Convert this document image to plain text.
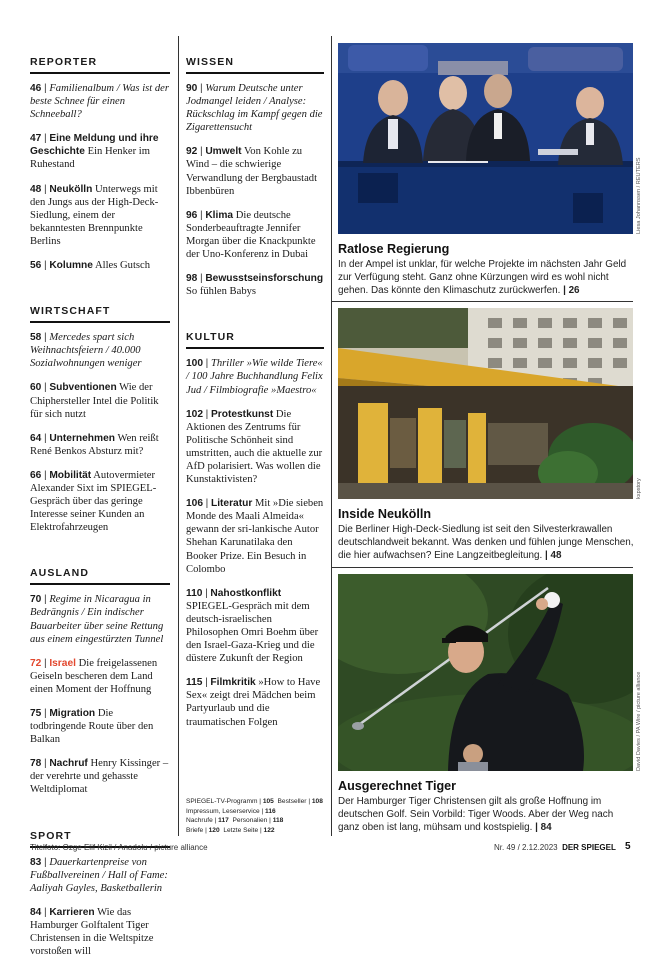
REPORTER
46 | Familienalbum / Was ist der beste Schnee für einen Schneeball?
47 | Eine Meldung und ihre Geschichte Ein Henker im Ruhestand
48 | Neukölln Unterwegs mit den Jungs aus der High-Deck-Siedlung, einem der bekanntesten Brennpunkte Berlins
56 | Kolumne Alles Gutsch
WIRTSCHAFT
58 | Mercedes spart sich Weihnachtsfeiern / 40.000 Sozialwohnungen weniger
60 | Subventionen Wie der Chiphersteller Intel die Politik für sich nutzt
64 | Unternehmen Wen reißt René Benkos Absturz mit?
66 | Mobilität Autovermieter Alexander Sixt im SPIEGEL-Gespräch über das geringe Interesse seiner Kunden an Elektrofahrzeugen
AUSLAND
70 | Regime in Nicaragua in Bedrängnis / Ein indischer Bauarbeiter über seine Rettung aus einem eingestürzten Tunnel
72 | Israel Die freigelassenen Geiseln bescheren dem Land einen Moment der Hoffnung
75 | Migration Die todbringende Route über den Balkan
78 | Nachruf Henry Kissinger – der verehrte und gehasste Weltdiplomat
SPORT
83 | Dauerkartenpreise von Fußballvereinen / Hall of Fame: Aaliyah Gayles, Basketballerin
84 | Karrieren Wie das Hamburger Golftalent Tiger Christensen in die Weltspitze vorstoßen will
WISSEN
90 | Warum Deutsche unter Jodmangel leiden / Analyse: Rückschlag im Kampf gegen die Zigarettensucht
92 | Umwelt Von Kohle zu Wind – die schwierige Verwandlung der Bergbaustadt Ibbenbüren
96 | Klima Die deutsche Sonderbeauftragte Jennifer Morgan über die Knackpunkte der Uno-Konferenz in Dubai
98 | Bewusstseinsforschung So fühlen Babys
KULTUR
100 | Thriller »Wie wilde Tiere« / 100 Jahre Buchhandlung Felix Jud / Filmbiografie »Maestro«
102 | Protestkunst Die Aktionen des Zentrums für Politische Schönheit sind umstritten, auch die aktuelle zur AfD polarisiert. Was wollen die Kunstaktivisten?
106 | Literatur Mit »Die sieben Monde des Maali Almeida« gewann der sri-lankische Autor Shehan Karunatilaka den Booker Prize. Ein Besuch in Colombo
110 | Nahostkonflikt SPIEGEL-Gespräch mit dem deutsch-israelischen Philosophen Omri Boehm über den Israel-Gaza-Krieg und die düstere Zukunft der Region
115 | Filmkritik »How to Have Sex« zeigt drei Mädchen beim Partyurlaub und die traumatischen Folgen
SPIEGEL-TV-Programm | 105 Bestseller | 108
Impressum, Leserservice | 116
Nachrufe | 117 Personalien | 118
Briefe | 120 Letzte Seite | 122
Liesa Johannssen / REUTERS
Ratlose Regierung
In der Ampel ist unklar, für welche Projekte im nächsten Jahr Geld zur Verfügung steht. Ganz ohne Kürzungen wird es wohl nicht gehen. Das könnte den Klimaschutz zurückwerfen. | 26
kxpstory
Inside Neukölln
Die Berliner High-Deck-Siedlung ist seit den Silvesterkrawallen deutschlandweit bekannt. Was denken und fühlen junge Menschen, die hier aufwachsen? Eine Langzeitbegleitung. | 48
David Davies / PA Wire / picture alliance
Ausgerechnet Tiger
Der Hamburger Tiger Christensen gilt als große Hoffnung im deutschen Golf. Sein Vorbild: Tiger Woods. Aber der Weg nach ganz oben ist lang, mühsam und kostspielig. | 84
Titelfoto: Ozge Elif Kizil / Anadolu / picture alliance	Nr. 49 / 2.12.2023 DER SPIEGEL 5
